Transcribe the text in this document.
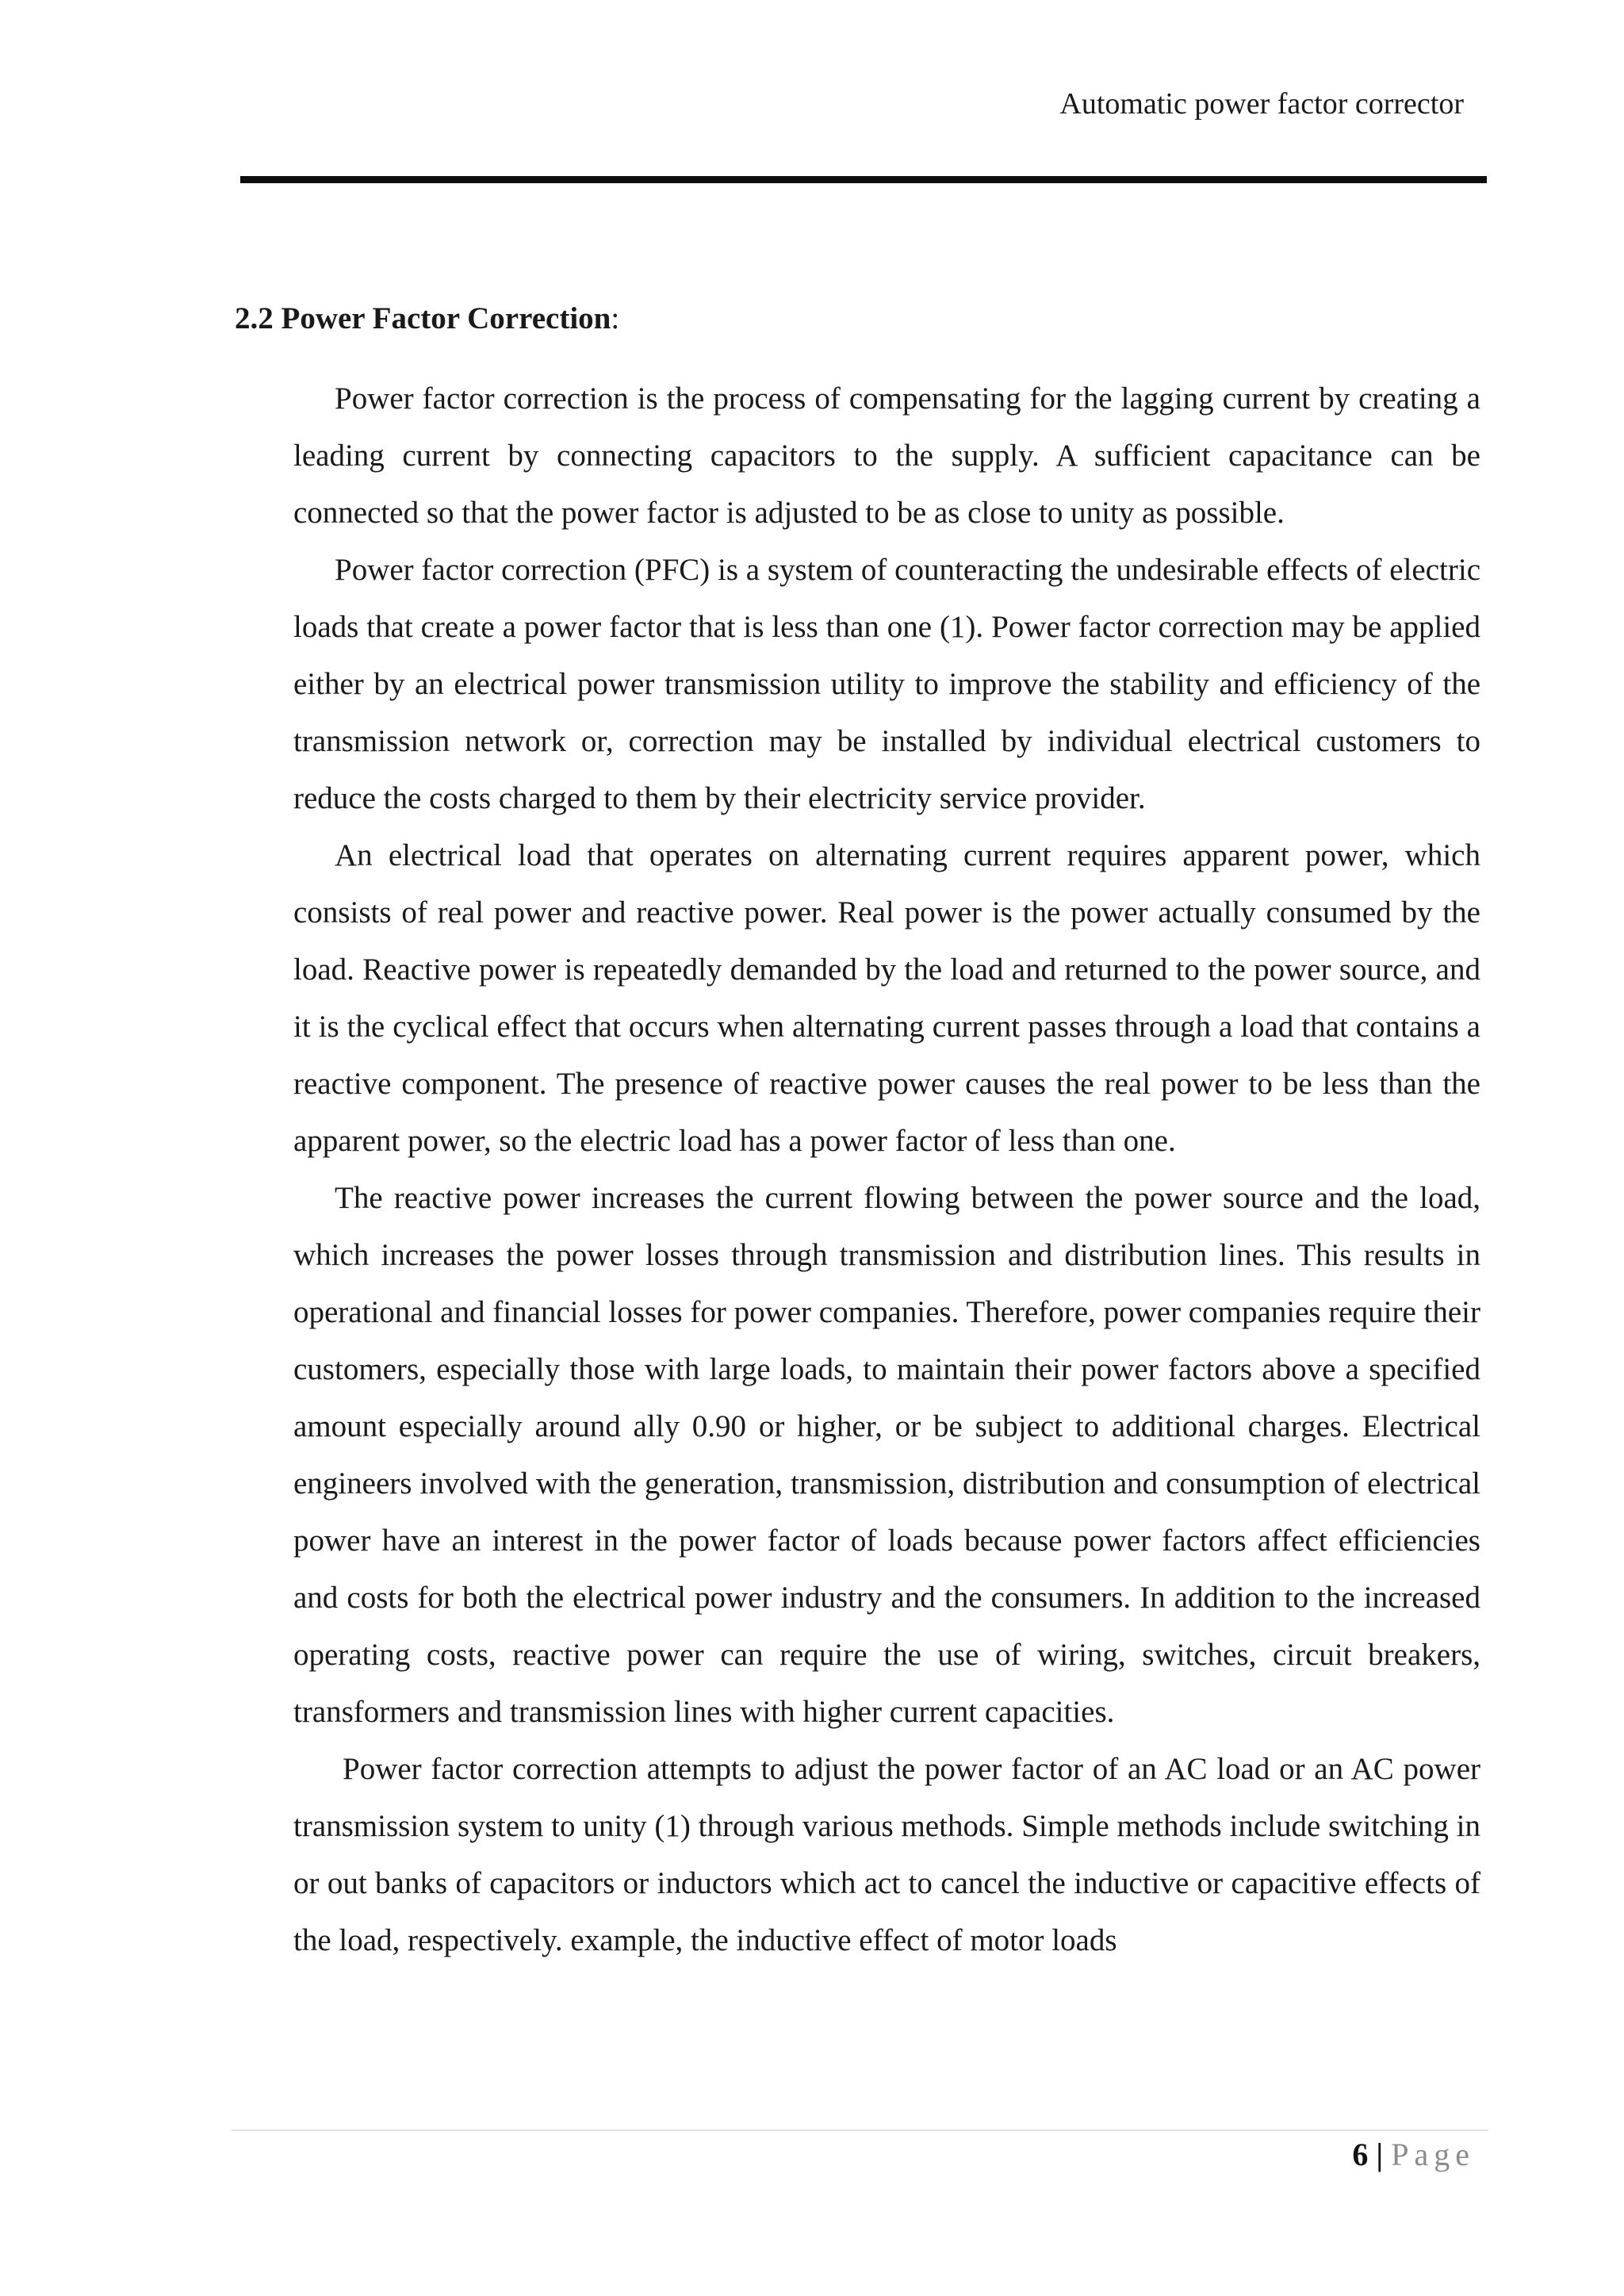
Automatic power factor corrector
2.2 Power Factor Correction:

Power factor correction is the process of compensating for the lagging current by creating a leading current by connecting capacitors to the supply. A sufficient capacitance can be connected so that the power factor is adjusted to be as close to unity as possible.

Power factor correction (PFC) is a system of counteracting the undesirable effects of electric loads that create a power factor that is less than one (1). Power factor correction may be applied either by an electrical power transmission utility to improve the stability and efficiency of the transmission network or, correction may be installed by individual electrical customers to reduce the costs charged to them by their electricity service provider.

An electrical load that operates on alternating current requires apparent power, which consists of real power and reactive power. Real power is the power actually consumed by the load. Reactive power is repeatedly demanded by the load and returned to the power source, and it is the cyclical effect that occurs when alternating current passes through a load that contains a reactive component. The presence of reactive power causes the real power to be less than the apparent power, so the electric load has a power factor of less than one.

The reactive power increases the current flowing between the power source and the load, which increases the power losses through transmission and distribution lines. This results in operational and financial losses for power companies. Therefore, power companies require their customers, especially those with large loads, to maintain their power factors above a specified amount especially around ally 0.90 or higher, or be subject to additional charges. Electrical engineers involved with the generation, transmission, distribution and consumption of electrical power have an interest in the power factor of loads because power factors affect efficiencies and costs for both the electrical power industry and the consumers. In addition to the increased operating costs, reactive power can require the use of wiring, switches, circuit breakers, transformers and transmission lines with higher current capacities.

Power factor correction attempts to adjust the power factor of an AC load or an AC power transmission system to unity (1) through various methods. Simple methods include switching in or out banks of capacitors or inductors which act to cancel the inductive or capacitive effects of the load, respectively. example, the inductive effect of motor loads

6 | Page
